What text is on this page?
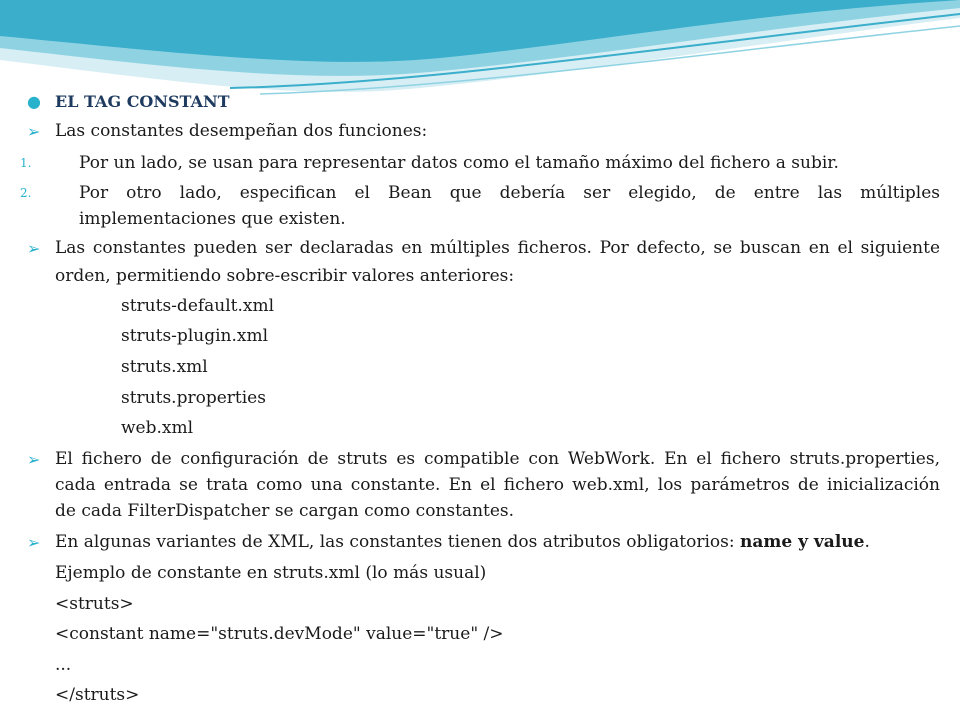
● EL TAG CONSTANT
➢ Las constantes desempeñan dos funciones:
1.	Por un lado, se usan para representar datos como el tamaño máximo del fichero a subir.
2.	Por otro lado, especifican el Bean que debería ser elegido, de entre las múltiples
implementaciones que existen.
➢ Las constantes pueden ser declaradas en múltiples ficheros. Por defecto, se buscan en el siguiente
orden, permitiendo sobre-escribir valores anteriores:
struts-default.xml
struts-plugin.xml
struts.xml
struts.properties
web.xml
➢ El fichero de configuración de struts es compatible con WebWork. En el fichero struts.properties,
cada entrada se trata como una constante. En el fichero web.xml, los parámetros de inicialización
de cada FilterDispatcher se cargan como constantes.
➢ En algunas variantes de XML, las constantes tienen dos atributos obligatorios: name y value.
Ejemplo de constante en struts.xml (lo más usual)
<struts>
<constant name="struts.devMode" value="true" />
...
</struts>
